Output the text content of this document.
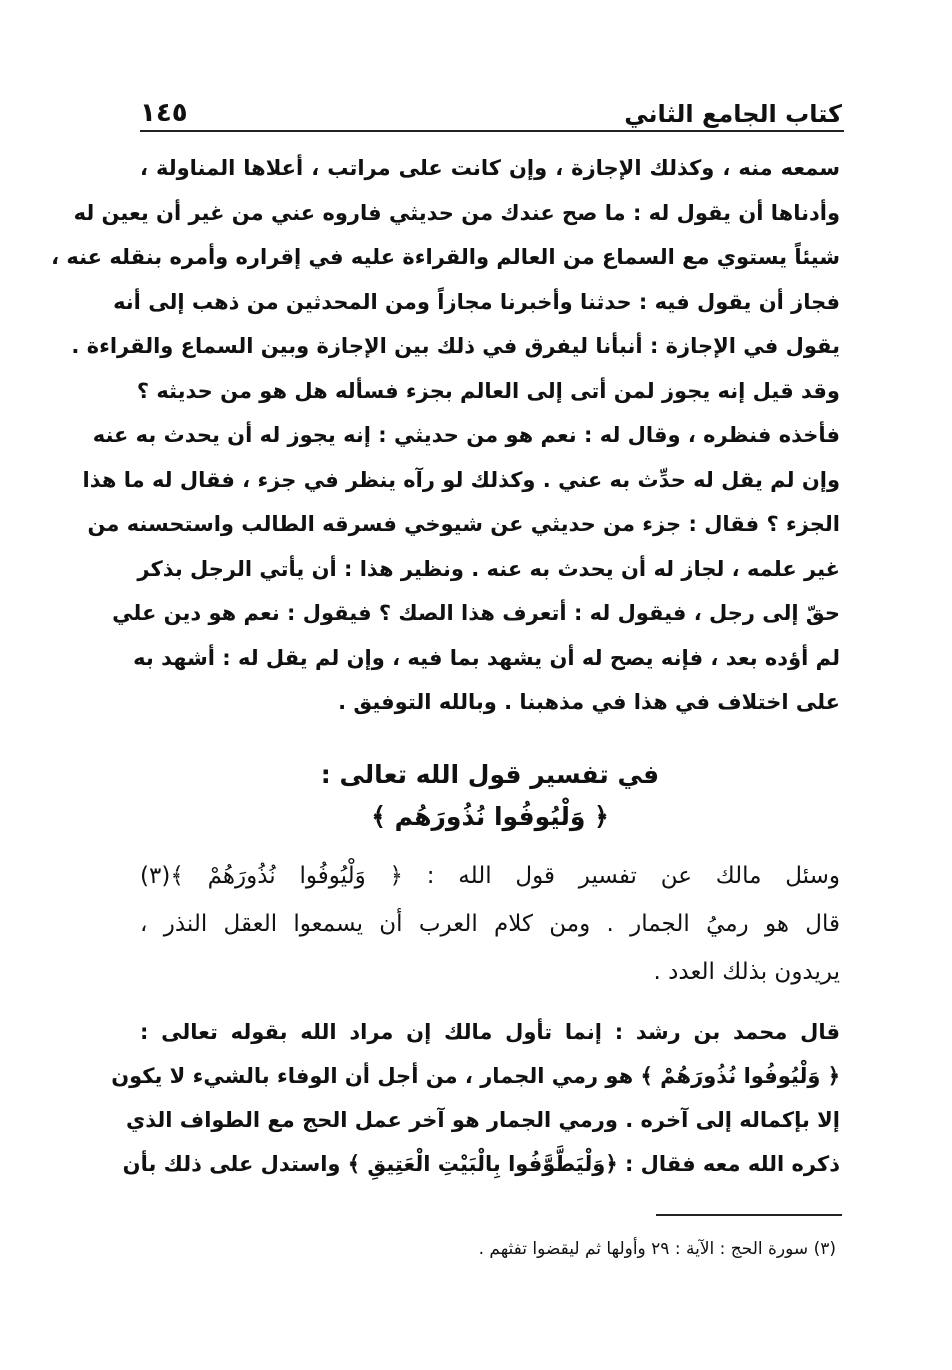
كتاب الجامع الثاني
١٤٥
سمعه منه ، وكذلك الإجازة ، وإن كانت على مراتب ، أعلاها المناولة ،
وأدناها أن يقول له : ما صح عندك من حديثي فاروه عني من غير أن يعين له
شيئاً يستوي مع السماع من العالم والقراءة عليه في إقراره وأمره بنقله عنه ،
فجاز أن يقول فيه : حدثنا وأخبرنا مجازاً ومن المحدثين من ذهب إلى أنه
يقول في الإجازة : أنبأنا ليفرق في ذلك بين الإجازة وبين السماع والقراءة .
وقد قيل إنه يجوز لمن أتى إلى العالم بجزء فسأله هل هو من حديثه ؟
فأخذه فنظره ، وقال له : نعم هو من حديثي : إنه يجوز له أن يحدث به عنه
وإن لم يقل له حدِّث به عني . وكذلك لو رآه ينظر في جزء ، فقال له ما هذا
الجزء ؟ فقال : جزء من حديثي عن شيوخي فسرقه الطالب واستحسنه من
غير علمه ، لجاز له أن يحدث به عنه . ونظير هذا : أن يأتي الرجل بذكر
حقّ إلى رجل ، فيقول له : أتعرف هذا الصك ؟ فيقول : نعم هو دين علي
لم أؤده بعد ، فإنه يصح له أن يشهد بما فيه ، وإن لم يقل له : أشهد به
على اختلاف في هذا في مذهبنا . وبالله التوفيق .
في تفسير قول الله تعالى :
﴿ وَلْيُوفُوا نُذُورَهُم ﴾
وسئل مالك عن تفسير قول الله : ﴿ وَلْيُوفُوا نُذُورَهُمْ ﴾(٣)
قال هو رميُ الجمار . ومن كلام العرب أن يسمعوا العقل النذر ،
يريدون بذلك العدد .
قال محمد بن رشد : إنما تأول مالك إن مراد الله بقوله تعالى :
﴿ وَلْيُوفُوا نُذُورَهُمْ ﴾ هو رمي الجمار ، من أجل أن الوفاء بالشيء لا يكون
إلا بإكماله إلى آخره . ورمي الجمار هو آخر عمل الحج مع الطواف الذي
ذكره الله معه فقال : ﴿وَلْيَطَّوَّفُوا بِالْبَيْتِ الْعَتِيقِ ﴾ واستدل على ذلك بأن
(٣) سورة الحج : الآية : ٢٩ وأولها ثم ليقضوا تفثهم .
